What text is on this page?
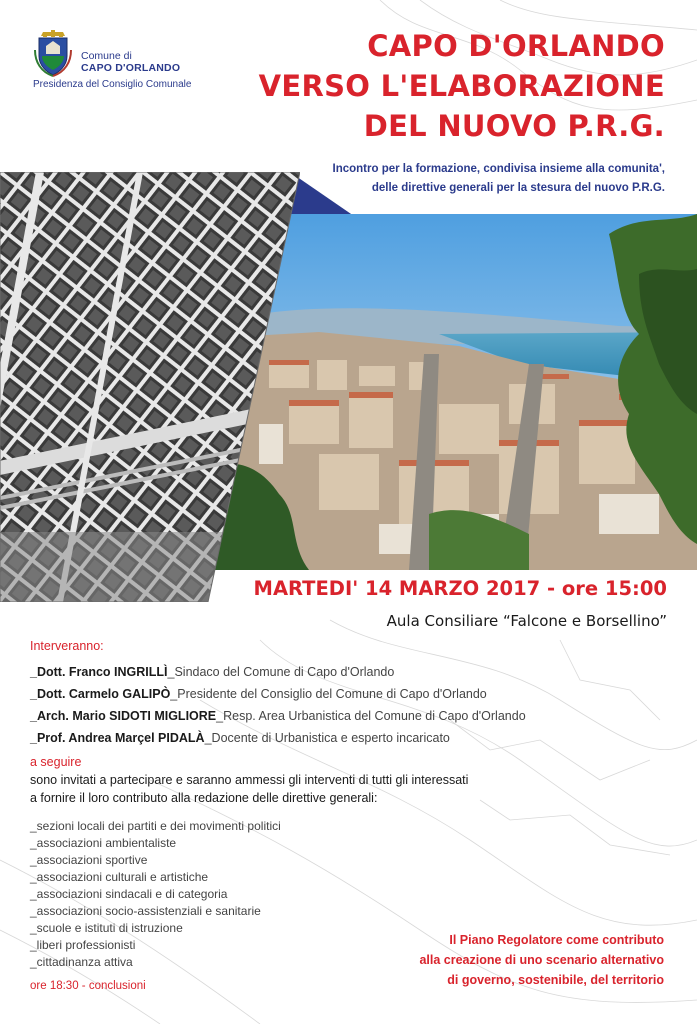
Comune di
CAPO D'ORLANDO
Presidenza del Consiglio Comunale
CAPO D'ORLANDO
VERSO L'ELABORAZIONE
DEL NUOVO P.R.G.
Incontro per la formazione, condivisa insieme alla comunita',
delle direttive generali per la stesura del nuovo P.R.G.
MARTEDI' 14 MARZO 2017 - ore 15:00
Aula Consiliare “Falcone e Borsellino”
Interveranno:
_Dott. Franco INGRILLÌ_Sindaco del Comune di Capo d'Orlando
_Dott. Carmelo GALIPÒ_Presidente del Consiglio del Comune di Capo d'Orlando
_Arch. Mario SIDOTI MIGLIORE_Resp. Area Urbanistica del Comune di Capo d'Orlando
_Prof. Andrea Marçel PIDALÀ_Docente di Urbanistica e esperto incaricato
a seguire
sono invitati a partecipare e saranno ammessi gli interventi di tutti gli interessati
a fornire il loro contributo alla redazione delle direttive generali:
_sezioni locali dei partiti e dei movimenti politici
_associazioni ambientaliste
_associazioni sportive
_associazioni culturali e artistiche
_associazioni sindacali e di categoria
_associazioni socio-assistenziali e sanitarie
_scuole e istituti di istruzione
_liberi professionisti
_cittadinanza attiva
ore 18:30 - conclusioni
Il Piano Regolatore come contributo
alla creazione di uno scenario alternativo
di governo, sostenibile, del territorio
